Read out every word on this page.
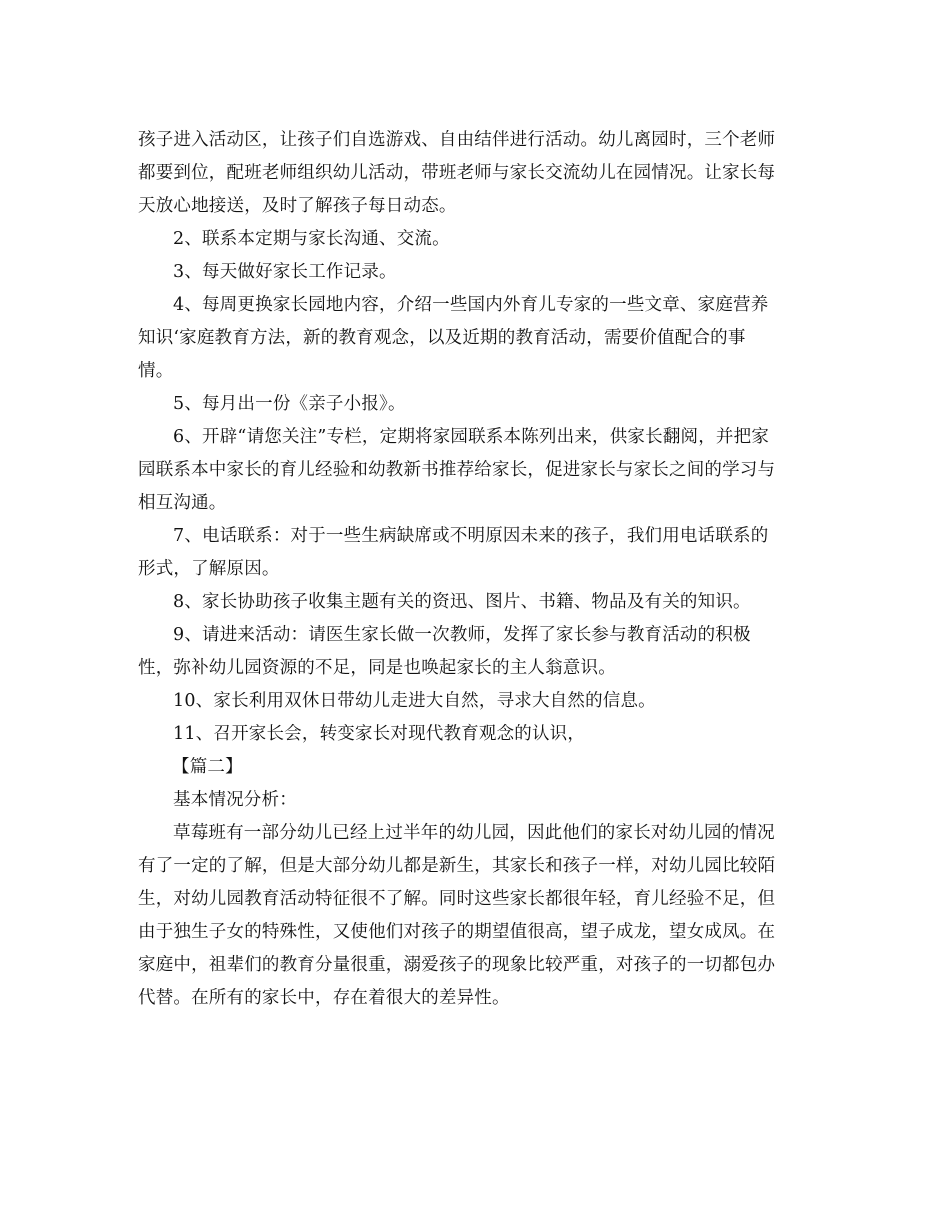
孩子进入活动区，让孩子们自选游戏、自由结伴进行活动。幼儿离园时，三个老师
都要到位，配班老师组织幼儿活动，带班老师与家长交流幼儿在园情况。让家长每
天放心地接送，及时了解孩子每日动态。

2、联系本定期与家长沟通、交流。

3、每天做好家长工作记录。

4、每周更换家长园地内容，介绍一些国内外育儿专家的一些文章、家庭营养
知识‘家庭教育方法，新的教育观念，以及近期的教育活动，需要价值配合的事
情。

5、每月出一份《亲子小报》。

6、开辟“请您关注”专栏，定期将家园联系本陈列出来，供家长翻阅，并把家
园联系本中家长的育儿经验和幼教新书推荐给家长，促进家长与家长之间的学习与
相互沟通。

7、电话联系：对于一些生病缺席或不明原因未来的孩子，我们用电话联系的
形式，了解原因。

8、家长协助孩子收集主题有关的资迅、图片、书籍、物品及有关的知识。

9、请进来活动：请医生家长做一次教师，发挥了家长参与教育活动的积极
性，弥补幼儿园资源的不足，同是也唤起家长的主人翁意识。

10、家长利用双休日带幼儿走进大自然，寻求大自然的信息。

11、召开家长会，转变家长对现代教育观念的认识，

【篇二】

基本情况分析：

草莓班有一部分幼儿已经上过半年的幼儿园，因此他们的家长对幼儿园的情况
有了一定的了解，但是大部分幼儿都是新生，其家长和孩子一样，对幼儿园比较陌
生，对幼儿园教育活动特征很不了解。同时这些家长都很年轻，育儿经验不足，但
由于独生子女的特殊性，又使他们对孩子的期望值很高，望子成龙，望女成凤。在
家庭中，祖辈们的教育分量很重，溺爱孩子的现象比较严重，对孩子的一切都包办
代替。在所有的家长中，存在着很大的差异性。
